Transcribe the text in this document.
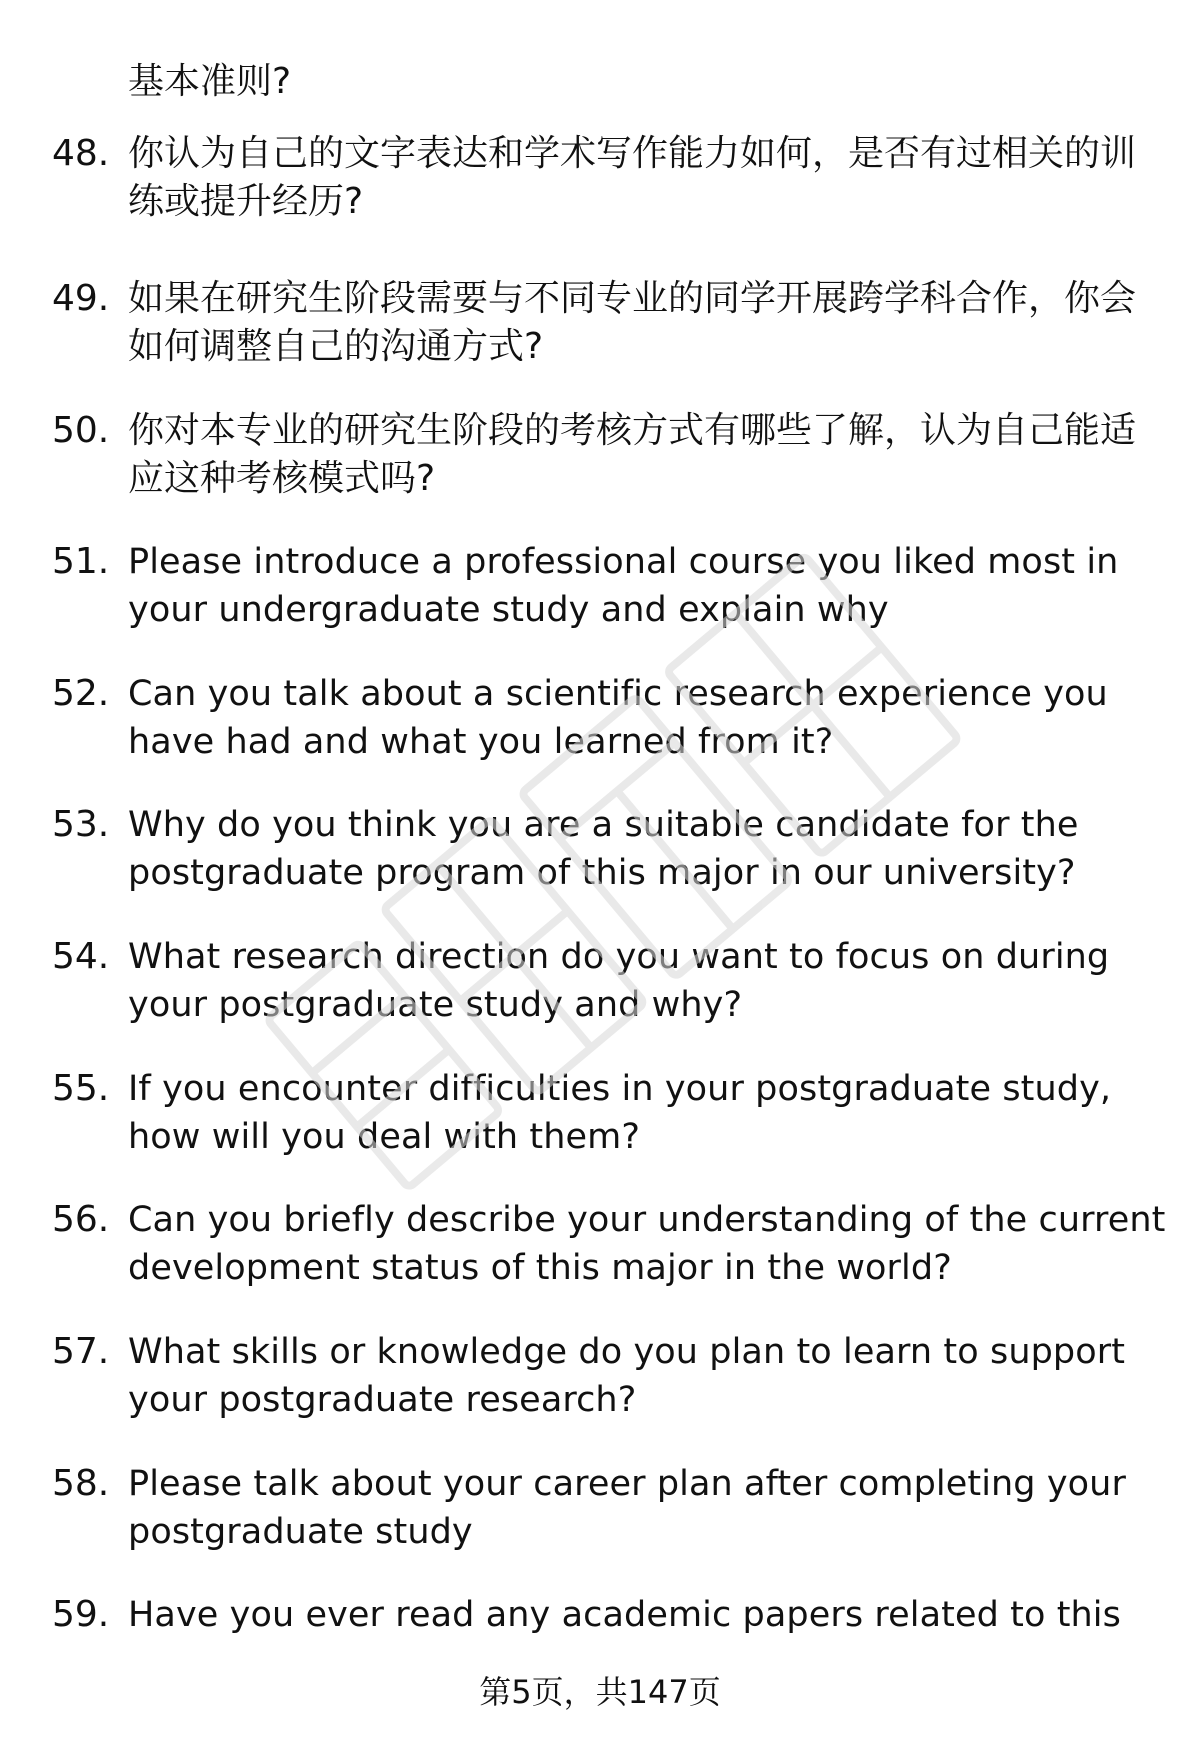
基本准则?

48. 你认为自己的文字表达和学术写作能力如何，是否有过相关的训
练或提升经历?
49. 如果在研究生阶段需要与不同专业的同学开展跨学科合作，你会
如何调整自己的沟通方式?
50. 你对本专业的研究生阶段的考核方式有哪些了解，认为自己能适
应这种考核模式吗?
51. Please introduce a professional course you liked most in
your undergraduate study and explain why
52. Can you talk about a scientific research experience you
have had and what you learned from it?
53. Why do you think you are a suitable candidate for the
postgraduate program of this major in our university?
54. What research direction do you want to focus on during
your postgraduate study and why?
55. If you encounter difficulties in your postgraduate study,
how will you deal with them?
56. Can you briefly describe your understanding of the current
development status of this major in the world?
57. What skills or knowledge do you plan to learn to support
your postgraduate research?
58. Please talk about your career plan after completing your
postgraduate study
59. Have you ever read any academic papers related to this
第5页，共147页
